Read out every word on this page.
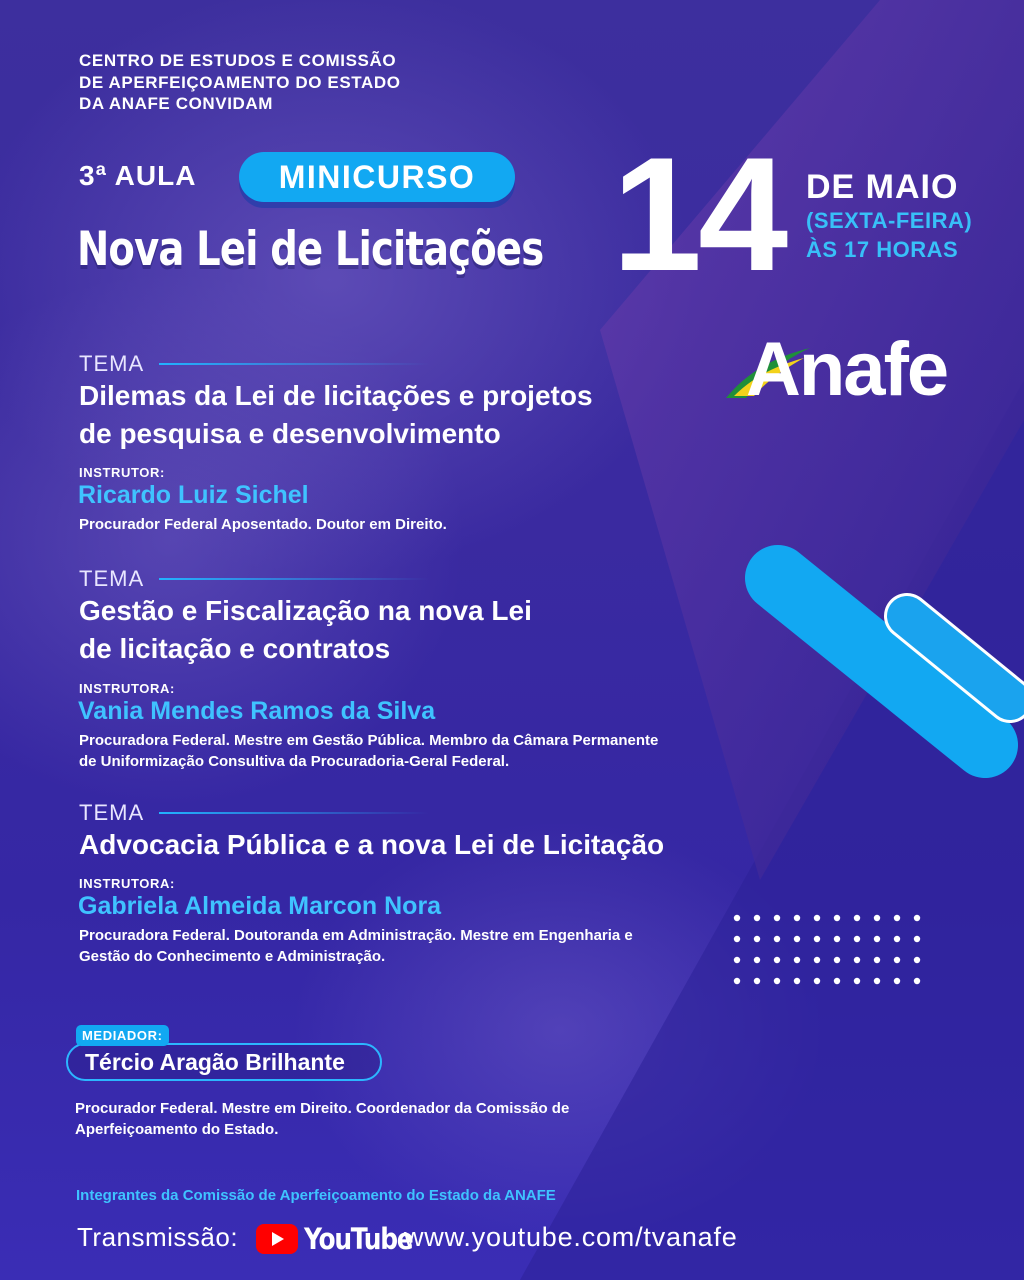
CENTRO DE ESTUDOS E COMISSÃO
DE APERFEIÇOAMENTO DO ESTADO
DA ANAFE CONVIDAM
3ª AULA	MINICURSO
Nova Lei de Licitações 14 DE MAIO
(SEXTA-FEIRA)
ÀS 17 HORAS
Anafe
TEMA
Dilemas da Lei de licitações e projetos
de pesquisa e desenvolvimento
INSTRUTOR:
Ricardo Luiz Sichel
Procurador Federal Aposentado. Doutor em Direito.
TEMA
Gestão e Fiscalização na nova Lei
de licitação e contratos
INSTRUTORA:
Vania Mendes Ramos da Silva
Procuradora Federal. Mestre em Gestão Pública. Membro da Câmara Permanente
de Uniformização Consultiva da Procuradoria-Geral Federal.
TEMA
Advocacia Pública e a nova Lei de Licitação
INSTRUTORA:
Gabriela Almeida Marcon Nora
Procuradora Federal. Doutoranda em Administração. Mestre em Engenharia e
Gestão do Conhecimento e Administração.
Tércio Aragão Brilhante
MEDIADOR:
Procurador Federal. Mestre em Direito. Coordenador da Comissão de
Aperfeiçoamento do Estado.
Integrantes da Comissão de Aperfeiçoamento do Estado da ANAFE
Transmissão: YouTube
www.youtube.com/tvanafe
